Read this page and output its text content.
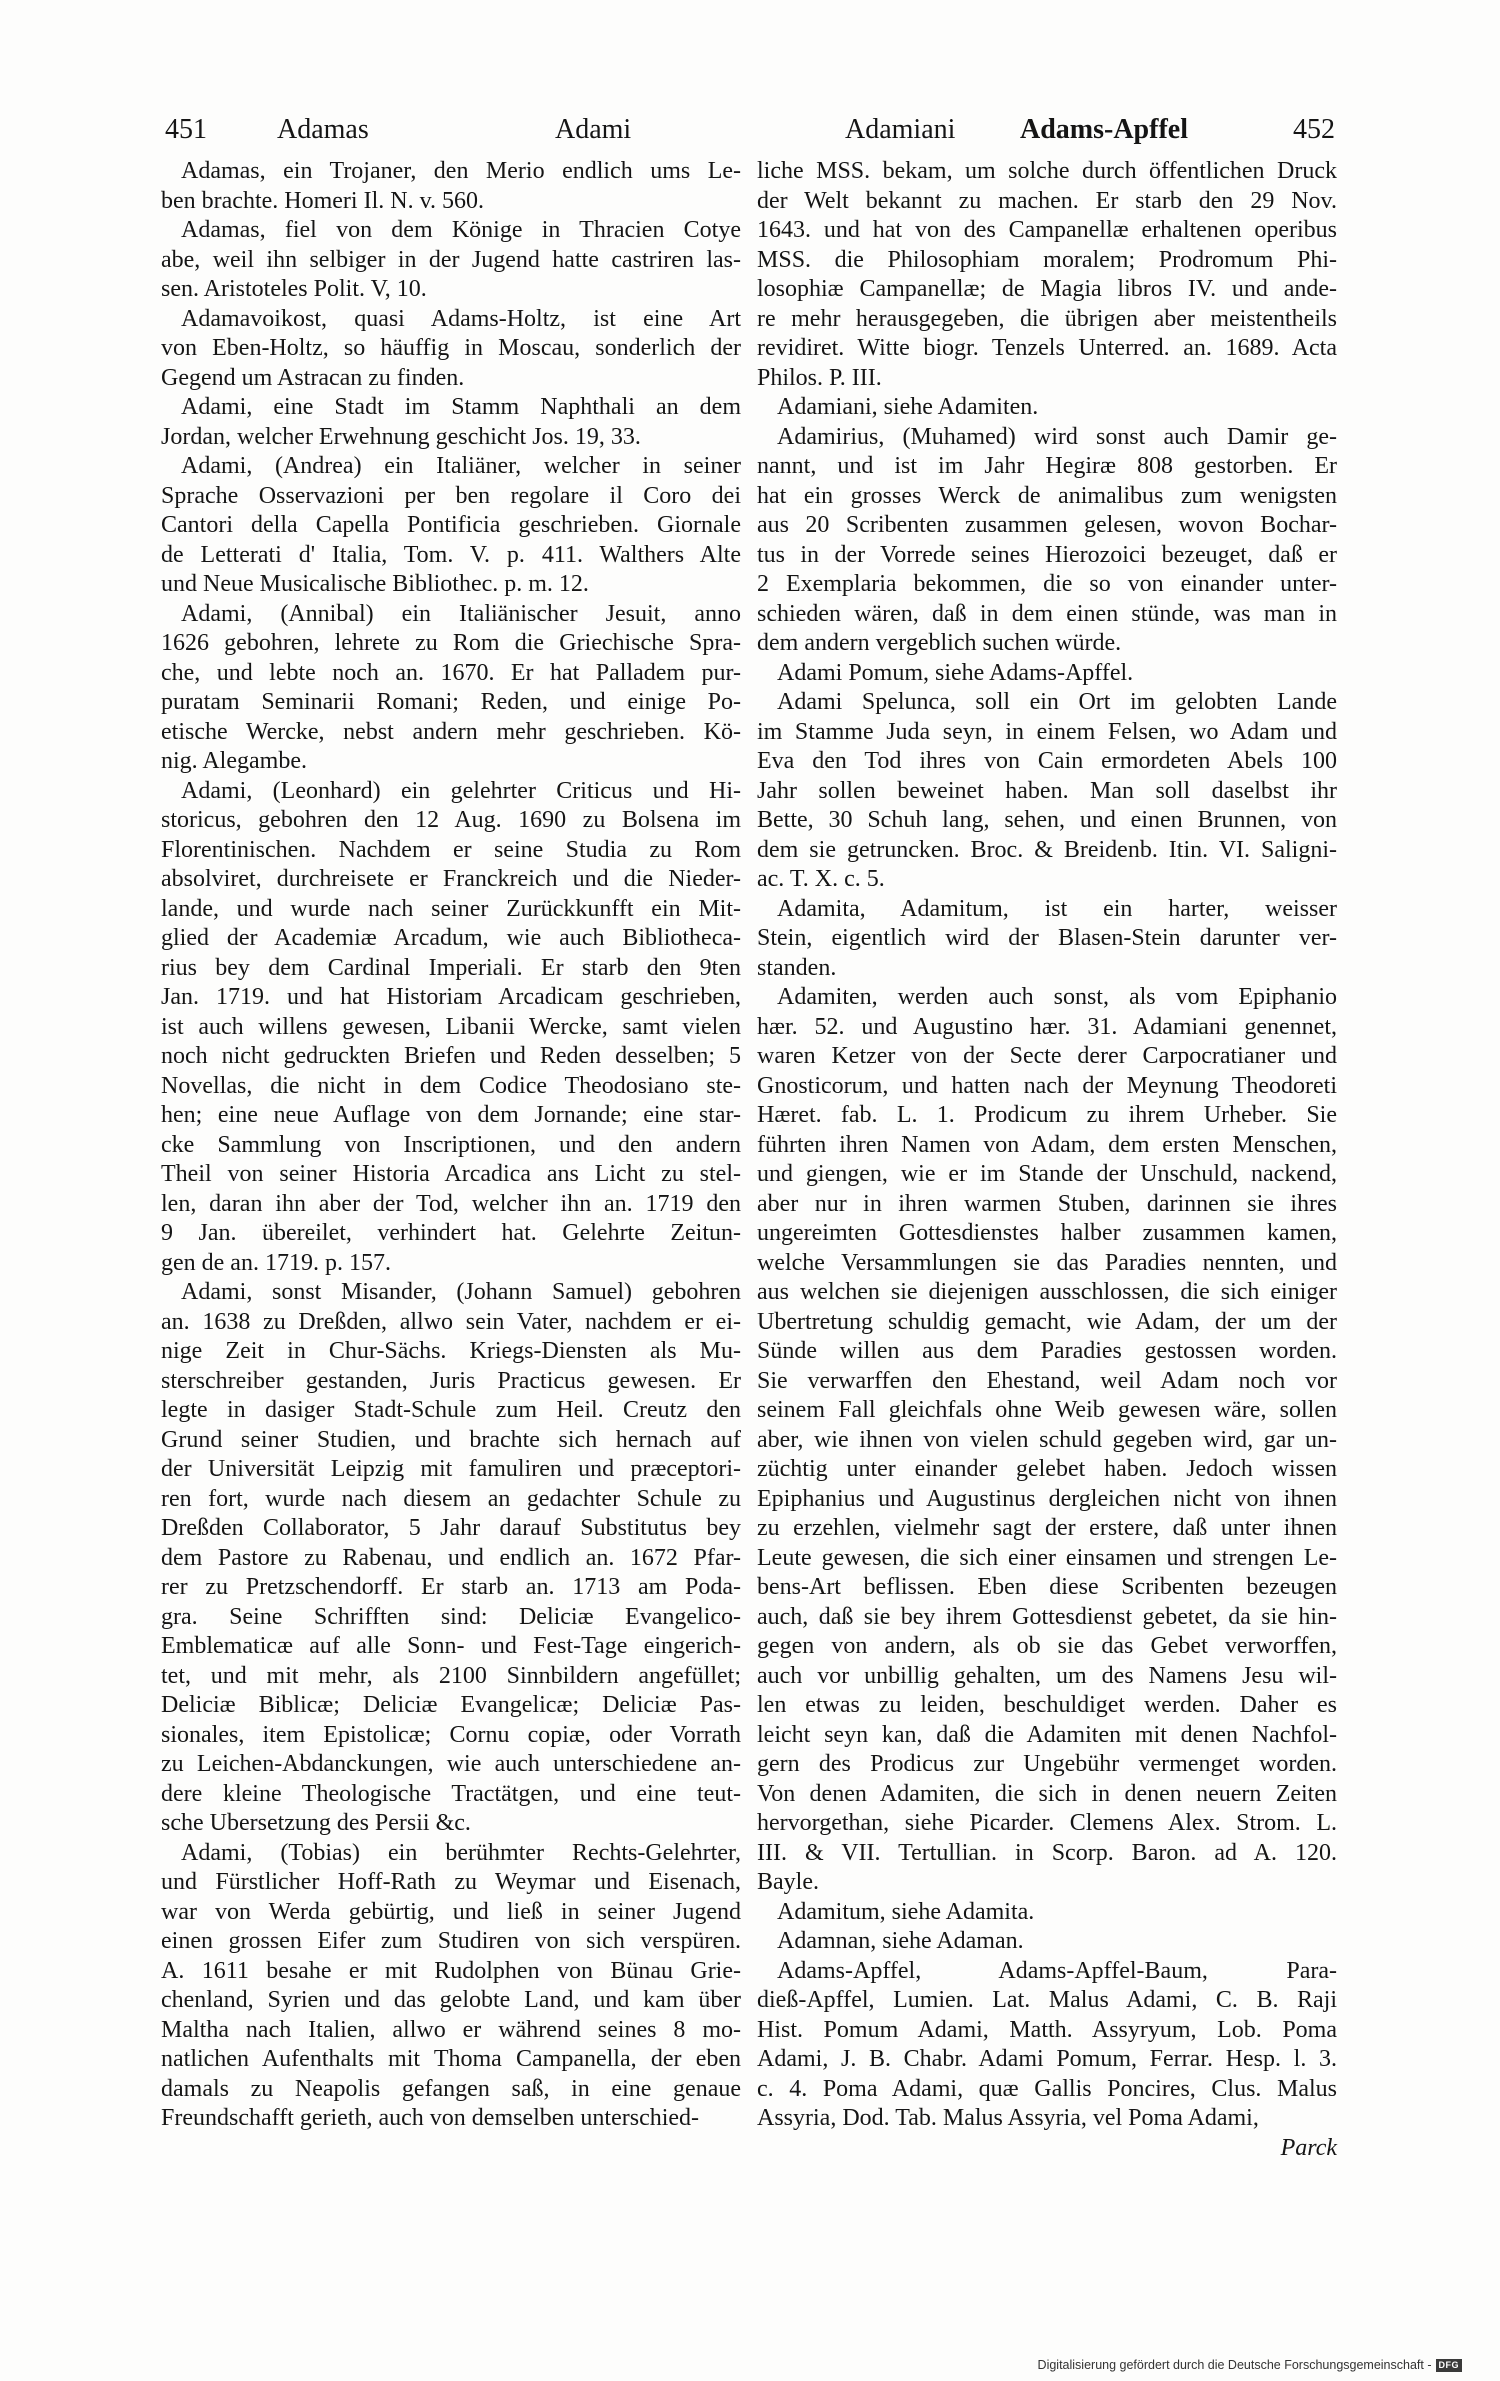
451	Adamas	Adami	Adamiani Adams-Apffel	452
Adamas, ein Trojaner, den Merio endlich ums Le-
ben brachte. Homeri Il. N. v. 560.
Adamas, fiel von dem Könige in Thracien Cotye
abe, weil ihn selbiger in der Jugend hatte castriren las-
sen. Aristoteles Polit. V, 10.
Adamavoikost, quasi Adams-Holtz, ist eine Art
von Eben-Holtz, so häuffig in Moscau, sonderlich der
Gegend um Astracan zu finden.
Adami, eine Stadt im Stamm Naphthali an dem
Jordan, welcher Erwehnung geschicht Jos. 19, 33.
Adami, (Andrea) ein Italiäner, welcher in seiner
Sprache Osservazioni per ben regolare il Coro dei
Cantori della Capella Pontificia geschrieben. Giornale
de Letterati d' Italia, Tom. V. p. 411. Walthers Alte
und Neue Musicalische Bibliothec. p. m. 12.
Adami, (Annibal) ein Italiänischer Jesuit, anno
1626 gebohren, lehrete zu Rom die Griechische Spra-
che, und lebte noch an. 1670. Er hat Palladem pur-
puratam Seminarii Romani; Reden, und einige Po-
etische Wercke, nebst andern mehr geschrieben. Kö-
nig. Alegambe.
Adami, (Leonhard) ein gelehrter Criticus und Hi-
storicus, gebohren den 12 Aug. 1690 zu Bolsena im
Florentinischen. Nachdem er seine Studia zu Rom
absolviret, durchreisete er Franckreich und die Nieder-
lande, und wurde nach seiner Zurückkunfft ein Mit-
glied der Academiæ Arcadum, wie auch Bibliotheca-
rius bey dem Cardinal Imperiali. Er starb den 9ten
Jan. 1719. und hat Historiam Arcadicam geschrieben,
ist auch willens gewesen, Libanii Wercke, samt vielen
noch nicht gedruckten Briefen und Reden desselben; 5
Novellas, die nicht in dem Codice Theodosiano ste-
hen; eine neue Auflage von dem Jornande; eine star-
cke Sammlung von Inscriptionen, und den andern
Theil von seiner Historia Arcadica ans Licht zu stel-
len, daran ihn aber der Tod, welcher ihn an. 1719 den
9 Jan. übereilet, verhindert hat. Gelehrte Zeitun-
gen de an. 1719. p. 157.
Adami, sonst Misander, (Johann Samuel) gebohren
an. 1638 zu Dreßden, allwo sein Vater, nachdem er ei-
nige Zeit in Chur-Sächs. Kriegs-Diensten als Mu-
sterschreiber gestanden, Juris Practicus gewesen. Er
legte in dasiger Stadt-Schule zum Heil. Creutz den
Grund seiner Studien, und brachte sich hernach auf
der Universität Leipzig mit famuliren und præceptori-
ren fort, wurde nach diesem an gedachter Schule zu
Dreßden Collaborator, 5 Jahr darauf Substitutus bey
dem Pastore zu Rabenau, und endlich an. 1672 Pfar-
rer zu Pretzschendorff. Er starb an. 1713 am Poda-
gra. Seine Schrifften sind: Deliciæ Evangelico-
Emblematicæ auf alle Sonn- und Fest-Tage eingerich-
tet, und mit mehr, als 2100 Sinnbildern angefüllet;
Deliciæ Biblicæ; Deliciæ Evangelicæ; Deliciæ Pas-
sionales, item Epistolicæ; Cornu copiæ, oder Vorrath
zu Leichen-Abdanckungen, wie auch unterschiedene an-
dere kleine Theologische Tractätgen, und eine teut-
sche Ubersetzung des Persii &c.
Adami, (Tobias) ein berühmter Rechts-Gelehrter,
und Fürstlicher Hoff-Rath zu Weymar und Eisenach,
war von Werda gebürtig, und ließ in seiner Jugend
einen grossen Eifer zum Studiren von sich verspüren.
A. 1611 besahe er mit Rudolphen von Bünau Grie-
chenland, Syrien und das gelobte Land, und kam über
Maltha nach Italien, allwo er während seines 8 mo-
natlichen Aufenthalts mit Thoma Campanella, der eben
damals zu Neapolis gefangen saß, in eine genaue
Freundschafft gerieth, auch von demselben unterschied-
liche MSS. bekam, um solche durch öffentlichen Druck
der Welt bekannt zu machen. Er starb den 29 Nov.
1643. und hat von des Campanellæ erhaltenen operibus
MSS. die Philosophiam moralem; Prodromum Phi-
losophiæ Campanellæ; de Magia libros IV. und ande-
re mehr herausgegeben, die übrigen aber meistentheils
revidiret. Witte biogr. Tenzels Unterred. an. 1689. Acta
Philos. P. III.
Adamiani, siehe Adamiten.
Adamirius, (Muhamed) wird sonst auch Damir ge-
nannt, und ist im Jahr Hegiræ 808 gestorben. Er
hat ein grosses Werck de animalibus zum wenigsten
aus 20 Scribenten zusammen gelesen, wovon Bochar-
tus in der Vorrede seines Hierozoici bezeuget, daß er
2 Exemplaria bekommen, die so von einander unter-
schieden wären, daß in dem einen stünde, was man in
dem andern vergeblich suchen würde.
Adami Pomum, siehe Adams-Apffel.
Adami Spelunca, soll ein Ort im gelobten Lande
im Stamme Juda seyn, in einem Felsen, wo Adam und
Eva den Tod ihres von Cain ermordeten Abels 100
Jahr sollen beweinet haben. Man soll daselbst ihr
Bette, 30 Schuh lang, sehen, und einen Brunnen, von
dem sie getruncken. Broc. & Breidenb. Itin. VI. Saligni-
ac. T. X. c. 5.
Adamita, Adamitum, ist ein harter, weisser
Stein, eigentlich wird der Blasen-Stein darunter ver-
standen.
Adamiten, werden auch sonst, als vom Epiphanio
hær. 52. und Augustino hær. 31. Adamiani genennet,
waren Ketzer von der Secte derer Carpocratianer und
Gnosticorum, und hatten nach der Meynung Theodoreti
Hæret. fab. L. 1. Prodicum zu ihrem Urheber. Sie
führten ihren Namen von Adam, dem ersten Menschen,
und giengen, wie er im Stande der Unschuld, nackend,
aber nur in ihren warmen Stuben, darinnen sie ihres
ungereimten Gottesdienstes halber zusammen kamen,
welche Versammlungen sie das Paradies nennten, und
aus welchen sie diejenigen ausschlossen, die sich einiger
Ubertretung schuldig gemacht, wie Adam, der um der
Sünde willen aus dem Paradies gestossen worden.
Sie verwarffen den Ehestand, weil Adam noch vor
seinem Fall gleichfals ohne Weib gewesen wäre, sollen
aber, wie ihnen von vielen schuld gegeben wird, gar un-
züchtig unter einander gelebet haben. Jedoch wissen
Epiphanius und Augustinus dergleichen nicht von ihnen
zu erzehlen, vielmehr sagt der erstere, daß unter ihnen
Leute gewesen, die sich einer einsamen und strengen Le-
bens-Art beflissen. Eben diese Scribenten bezeugen
auch, daß sie bey ihrem Gottesdienst gebetet, da sie hin-
gegen von andern, als ob sie das Gebet verworffen,
auch vor unbillig gehalten, um des Namens Jesu wil-
len etwas zu leiden, beschuldiget werden. Daher es
leicht seyn kan, daß die Adamiten mit denen Nachfol-
gern des Prodicus zur Ungebühr vermenget worden.
Von denen Adamiten, die sich in denen neuern Zeiten
hervorgethan, siehe Picarder. Clemens Alex. Strom. L.
III. & VII. Tertullian. in Scorp. Baron. ad A. 120.
Bayle.
Adamitum, siehe Adamita.
Adamnan, siehe Adaman.
Adams-Apffel, Adams-Apffel-Baum, Para-
dieß-Apffel, Lumien. Lat. Malus Adami, C. B. Raji
Hist. Pomum Adami, Matth. Assyryum, Lob. Poma
Adami, J. B. Chabr. Adami Pomum, Ferrar. Hesp. l. 3.
c. 4. Poma Adami, quæ Gallis Poncires, Clus. Malus
Assyria, Dod. Tab. Malus Assyria, vel Poma Adami,
Parck
Digitalisierung gefördert durch die Deutsche Forschungsgemeinschaft - DFG
